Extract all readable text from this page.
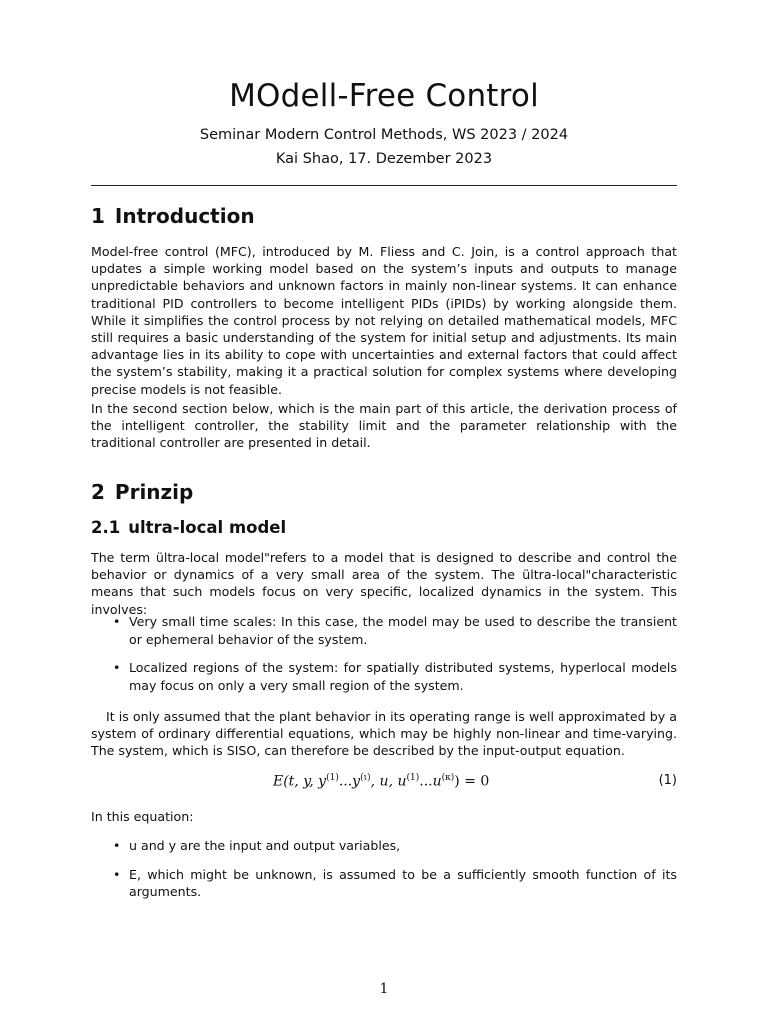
MOdell-Free Control
Seminar Modern Control Methods, WS 2023 / 2024
Kai Shao, 17. Dezember 2023
1 Introduction

Model-free control (MFC), introduced by M. Fliess and C. Join, is a control approach that updates a simple working model based on the system’s inputs and outputs to manage unpredictable behaviors and unknown factors in mainly non-linear systems. It can enhance traditional PID controllers to become intelligent PIDs (iPIDs) by working alongside them. While it simplifies the control process by not relying on detailed mathematical models, MFC still requires a basic understanding of the system for initial setup and adjustments. Its main advantage lies in its ability to cope with uncertainties and external factors that could affect the system’s stability, making it a practical solution for complex systems where developing precise models is not feasible.

In the second section below, which is the main part of this article, the derivation process of the intelligent controller, the stability limit and the parameter relationship with the traditional controller are presented in detail.

2 Prinzip
2.1 ultra-local model

The term ültra-local model"refers to a model that is designed to describe and control the behavior or dynamics of a very small area of the system. The ültra-local"characteristic means that such models focus on very specific, localized dynamics in the system. This involves:

• Very small time scales: In this case, the model may be used to describe the transient or ephemeral behavior of the system.
• Localized regions of the system: for spatially distributed systems, hyperlocal models may focus on only a very small region of the system.

It is only assumed that the plant behavior in its operating range is well approximated by a system of ordinary differential equations, which may be highly non-linear and time-varying. The system, which is SISO, can therefore be described by the input-output equation.

E(t, y, $y^{(1)}...y^{(\iota)}$, u, $u^{(1)}...u^{(\kappa)}) = 0$	(1)

In this equation:

• u and y are the input and output variables,
• E, which might be unknown, is assumed to be a sufficiently smooth function of its arguments.
1
